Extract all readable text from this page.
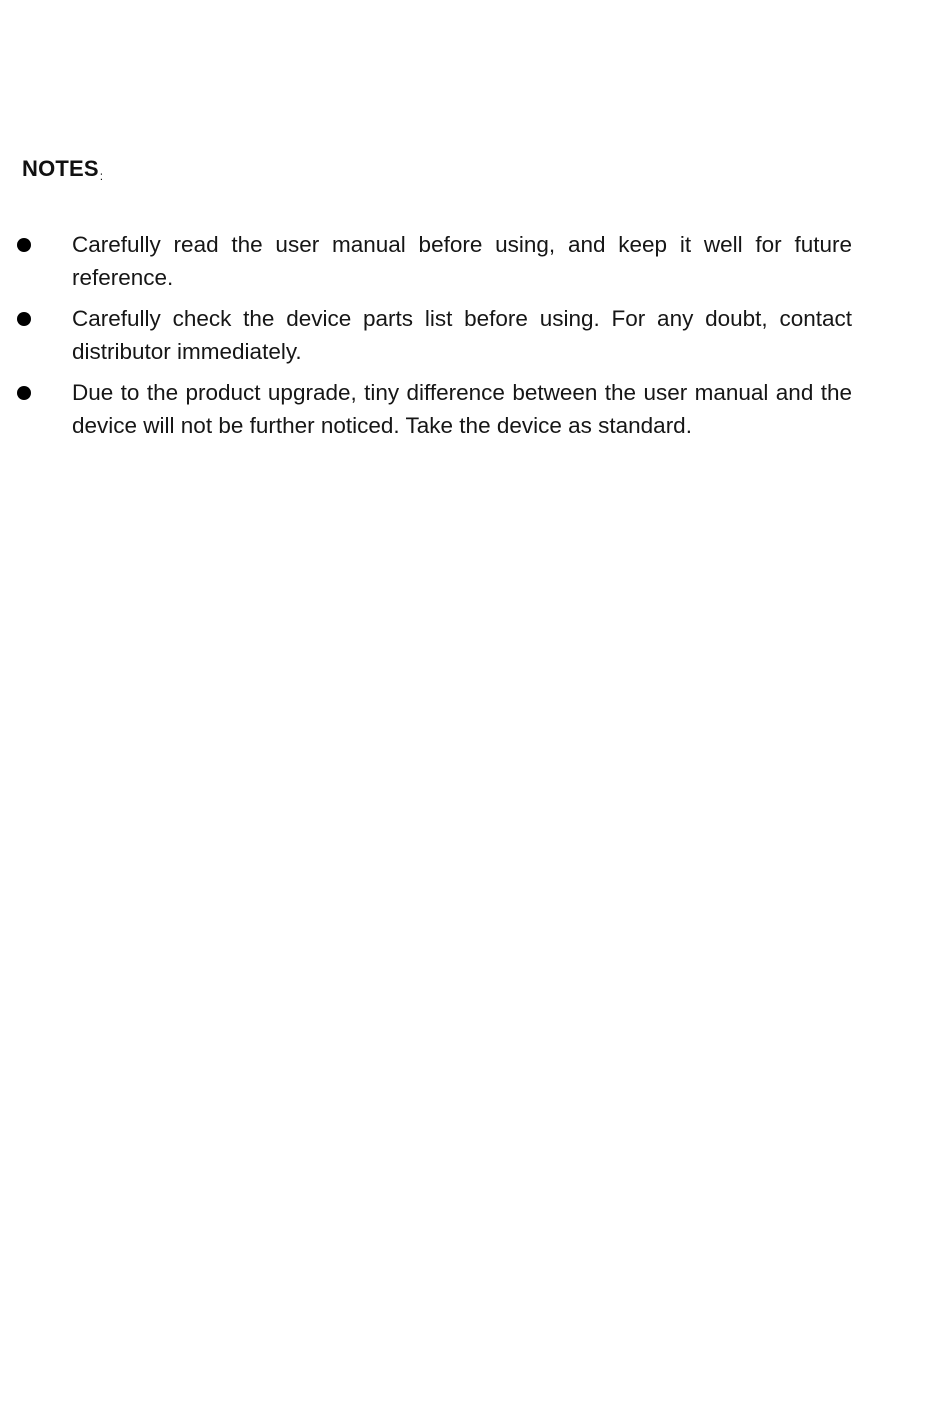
NOTES:
Carefully read the user manual before using, and keep it well for future reference.
Carefully check the device parts list before using. For any doubt, contact distributor immediately.
Due to the product upgrade, tiny difference between the user manual and the device will not be further noticed. Take the device as standard.
